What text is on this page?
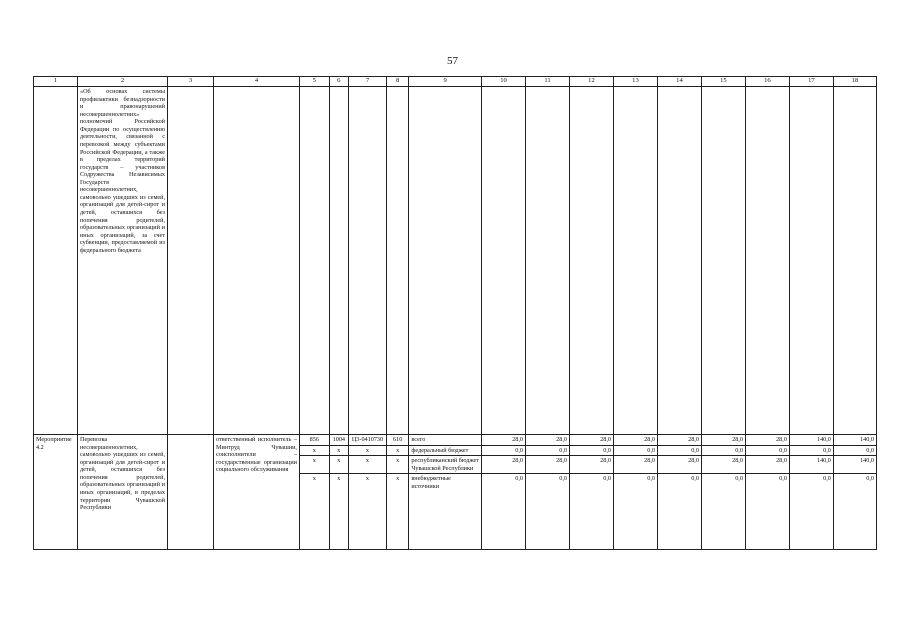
57
1	2	3	4	5	6	7	8	9	10	11	12	13	14	15	16	17	18
	«Об основах системы профилактики безнадзорности и правонарушений несовершеннолетних» полномочий Российской Федерации по осуществлению деятельности, связанной с перевозкой между субъектами Российской Федерации, а также в пределах территорий государств – участников Содружества Независимых Государств несовершеннолетних, самовольно ушедших из семей, организаций для детей-сирот и детей, оставшихся без попечения родителей, образовательных организаций и иных организаций, за счет субвенции, предоставляемой из федерального бюджета																
Мероприятие 4.2	Перевозка несовершеннолетних, самовольно ушедших из семей, организаций для детей-сирот и детей, оставшихся без попечения родителей, образовательных организаций и иных организаций, в пределах территории Чувашской Республики		ответственный исполнитель – Минтруд Чувашии, соисполнители – государственные организации социального обслуживания	856	1004	Ц3-0410730	610	всего	28,0	28,0	28,0	28,0	28,0	28,0	28,0	140,0	140,0
				x	x	x	x	федеральный бюджет	0,0	0,0	0,0	0,0	0,0	0,0	0,0	0,0	0,0
				x	x	x	x	республиканский бюджет Чувашской Республики	28,0	28,0	28,0	28,0	28,0	28,0	28,0	140,0	140,0
				x	x	x	x	внебюджетные источники	0,0	0,0	0,0	0,0	0,0	0,0	0,0	0,0	0,0
